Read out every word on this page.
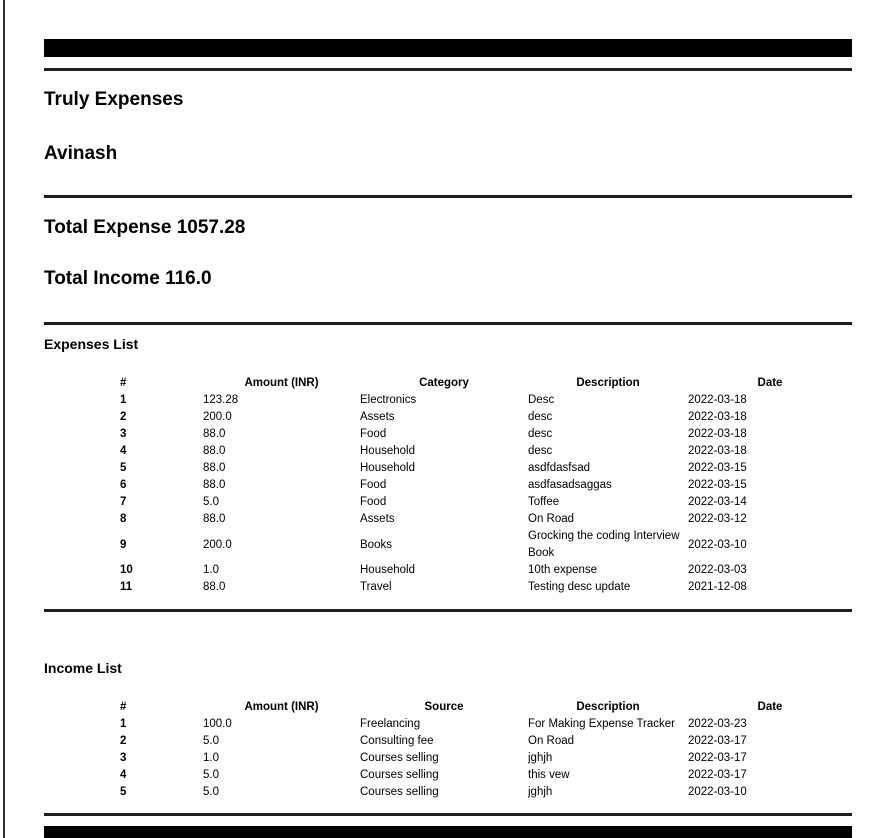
Truly Expenses
Avinash
Total Expense 1057.28
Total Income 116.0
Expenses List
#	Amount (INR)	Category	Description	Date
1	123.28	Electronics	Desc	2022-03-18
2	200.0	Assets	desc	2022-03-18
3	88.0	Food	desc	2022-03-18
4	88.0	Household	desc	2022-03-18
5	88.0	Household	asdfdasfsad	2022-03-15
6	88.0	Food	asdfasadsaggas	2022-03-15
7	5.0	Food	Toffee	2022-03-14
8	88.0	Assets	On Road	2022-03-12
9	200.0	Books	Grocking the coding Interview Book	2022-03-10
10	1.0	Household	10th expense	2022-03-03
11	88.0	Travel	Testing desc update	2021-12-08
Income List
#	Amount (INR)	Source	Description	Date
1	100.0	Freelancing	For Making Expense Tracker	2022-03-23
2	5.0	Consulting fee	On Road	2022-03-17
3	1.0	Courses selling	jghjh	2022-03-17
4	5.0	Courses selling	this vew	2022-03-17
5	5.0	Courses selling	jghjh	2022-03-10
